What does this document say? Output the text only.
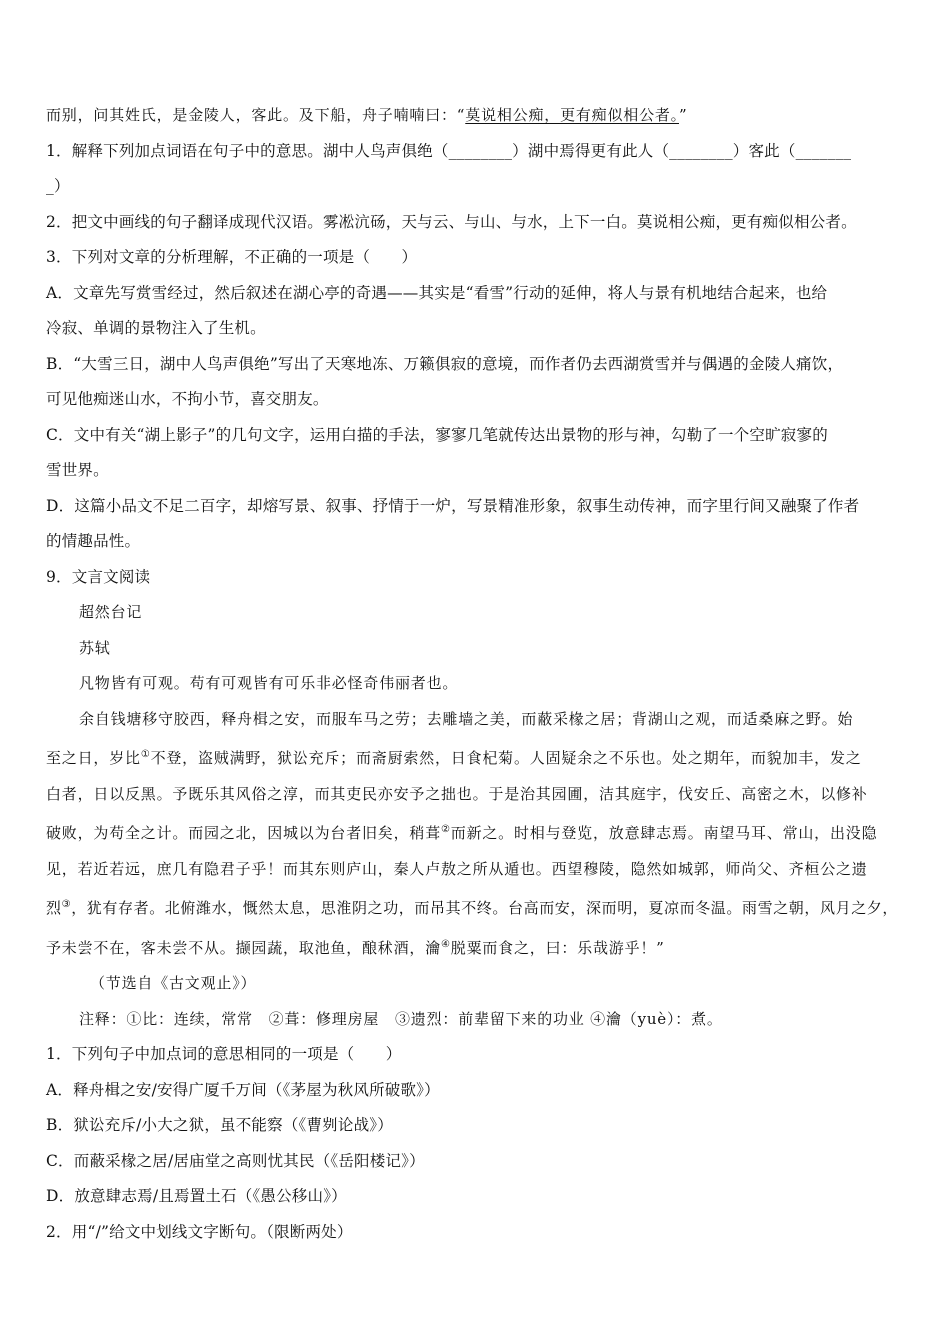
而别，问其姓氏，是金陵人，客此。及下船，舟子喃喃曰：“莫说相公痴，更有痴似相公者。”
1．解释下列加点词语在句子中的意思。湖中人鸟声俱绝（________）湖中焉得更有此人（________）客此（_______
_）
2．把文中画线的句子翻译成现代汉语。雾凇沆砀，天与云、与山、与水，上下一白。莫说相公痴，更有痴似相公者。
3．下列对文章的分析理解，不正确的一项是（　　）
A．文章先写赏雪经过，然后叙述在湖心亭的奇遇——其实是“看雪”行动的延伸，将人与景有机地结合起来，也给
冷寂、单调的景物注入了生机。
B．“大雪三日，湖中人鸟声俱绝”写出了天寒地冻、万籁俱寂的意境，而作者仍去西湖赏雪并与偶遇的金陵人痛饮，
可见他痴迷山水，不拘小节，喜交朋友。
C．文中有关“湖上影子”的几句文字，运用白描的手法，寥寥几笔就传达出景物的形与神，勾勒了一个空旷寂寥的
雪世界。
D．这篇小品文不足二百字，却熔写景、叙事、抒情于一炉，写景精准形象，叙事生动传神，而字里行间又融聚了作者
的情趣品性。
9．文言文阅读
超然台记
苏轼
凡物皆有可观。苟有可观皆有可乐非必怪奇伟丽者也。
余自钱塘移守胶西，释舟楫之安，而服车马之劳；去雕墙之美，而蔽采椽之居；背湖山之观，而适桑麻之野。始
至之日，岁比①不登，盗贼满野，狱讼充斥；而斋厨索然，日食杞菊。人固疑余之不乐也。处之期年，而貌加丰，发之
白者，日以反黑。予既乐其风俗之淳，而其吏民亦安予之拙也。于是治其园圃，洁其庭宇，伐安丘、高密之木，以修补
破败，为苟全之计。而园之北，因城以为台者旧矣，稍葺②而新之。时相与登览，放意肆志焉。南望马耳、常山，出没隐
见，若近若远，庶几有隐君子乎！而其东则庐山，秦人卢敖之所从遁也。西望穆陵，隐然如城郭，师尚父、齐桓公之遗
烈③，犹有存者。北俯潍水，慨然太息，思淮阴之功，而吊其不终。台高而安，深而明，夏凉而冬温。雨雪之朝，风月之夕，
予未尝不在，客未尝不从。撷园蔬，取池鱼，酿秫酒，瀹④脱粟而食之，曰：乐哉游乎！”
（节选自《古文观止》）
注释：①比：连续，常常　②葺：修理房屋　③遗烈：前辈留下来的功业 ④瀹（yuè）：煮。
1．下列句子中加点词的意思相同的一项是（　　）
A．释舟楫之安/安得广厦千万间（《茅屋为秋风所破歌》）
B．狱讼充斥/小大之狱，虽不能察（《曹刿论战》）
C．而蔽采椽之居/居庙堂之高则忧其民（《岳阳楼记》）
D．放意肆志焉/且焉置土石（《愚公移山》）
2．用“/”给文中划线文字断句。（限断两处）
